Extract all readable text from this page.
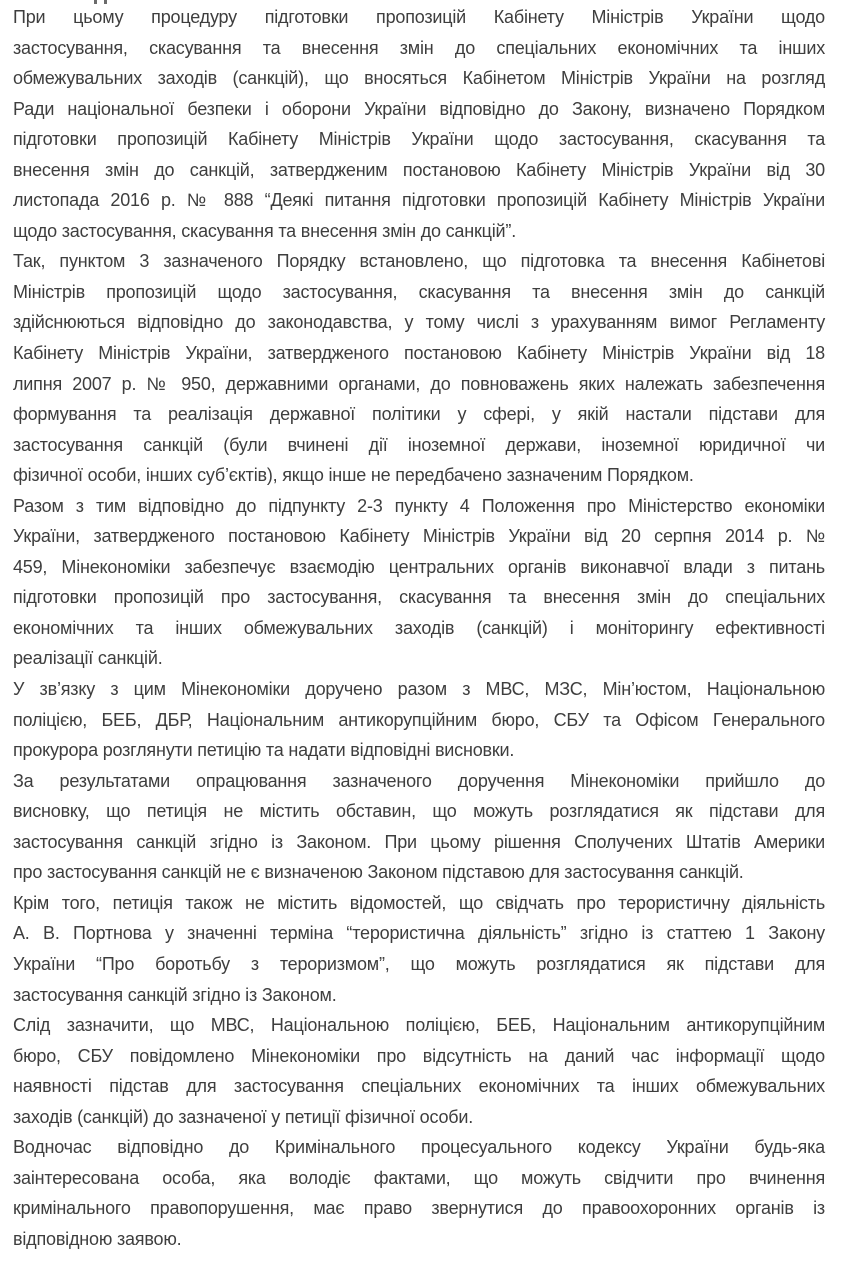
При цьому процедуру підготовки пропозицій Кабінету Міністрів України щодо
застосування, скасування та внесення змін до спеціальних економічних та інших
обмежувальних заходів (санкцій), що вносяться Кабінетом Міністрів України на розгляд
Ради національної безпеки і оборони України відповідно до Закону, визначено Порядком
підготовки пропозицій Кабінету Міністрів України щодо застосування, скасування та
внесення змін до санкцій, затвердженим постановою Кабінету Міністрів України від 30
листопада 2016 р. № 888 “Деякі питання підготовки пропозицій Кабінету Міністрів України
щодо застосування, скасування та внесення змін до санкцій”.
Так, пунктом 3 зазначеного Порядку встановлено, що підготовка та внесення Кабінетові
Міністрів пропозицій щодо застосування, скасування та внесення змін до санкцій
здійснюються відповідно до законодавства, у тому числі з урахуванням вимог Регламенту
Кабінету Міністрів України, затвердженого постановою Кабінету Міністрів України від 18
липня 2007 р. № 950, державними органами, до повноважень яких належать забезпечення
формування та реалізація державної політики у сфері, у якій настали підстави для
застосування санкцій (були вчинені дії іноземної держави, іноземної юридичної чи
фізичної особи, інших суб’єктів), якщо інше не передбачено зазначеним Порядком.
Разом з тим відповідно до підпункту 2-3 пункту 4 Положення про Міністерство економіки
України, затвердженого постановою Кабінету Міністрів України від 20 серпня 2014 р. №
459, Мінекономіки забезпечує взаємодію центральних органів виконавчої влади з питань
підготовки пропозицій про застосування, скасування та внесення змін до спеціальних
економічних та інших обмежувальних заходів (санкцій) і моніторингу ефективності
реалізації санкцій.
У зв’язку з цим Мінекономіки доручено разом з МВС, МЗС, Мін’юстом, Національною
поліцією, БЕБ, ДБР, Національним антикорупційним бюро, СБУ та Офісом Генерального
прокурора розглянути петицію та надати відповідні висновки.
За результатами опрацювання зазначеного доручення Мінекономіки прийшло до
висновку, що петиція не містить обставин, що можуть розглядатися як підстави для
застосування санкцій згідно із Законом. При цьому рішення Сполучених Штатів Америки
про застосування санкцій не є визначеною Законом підставою для застосування санкцій.
Крім того, петиція також не містить відомостей, що свідчать про терористичну діяльність
А. В. Портнова у значенні терміна “терористична діяльність” згідно із статтею 1 Закону
України “Про боротьбу з тероризмом”, що можуть розглядатися як підстави для
застосування санкцій згідно із Законом.
Слід зазначити, що МВС, Національною поліцією, БЕБ, Національним антикорупційним
бюро, СБУ повідомлено Мінекономіки про відсутність на даний час інформації щодо
наявності підстав для застосування спеціальних економічних та інших обмежувальних
заходів (санкцій) до зазначеної у петиції фізичної особи.
Водночас відповідно до Кримінального процесуального кодексу України будь-яка
заінтересована особа, яка володіє фактами, що можуть свідчити про вчинення
кримінального правопорушення, має право звернутися до правоохоронних органів із
відповідною заявою.
